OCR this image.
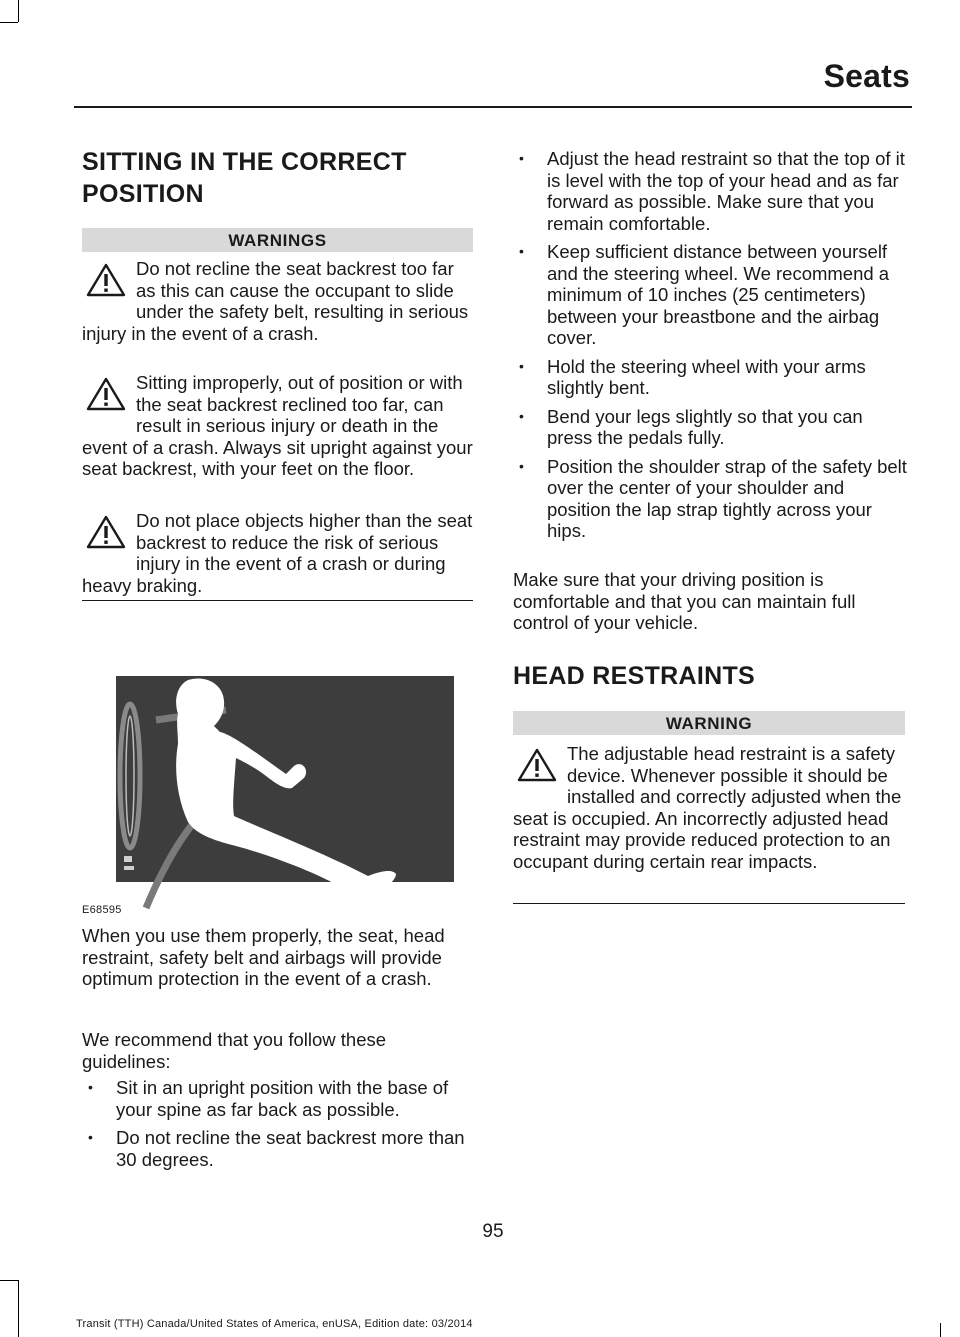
Seats
SITTING IN THE CORRECT
POSITION
WARNINGS

Do not recline the seat backrest too far as this can cause the occupant to slide under the safety belt, resulting in serious injury in the event of a crash.

Sitting improperly, out of position or with the seat backrest reclined too far, can result in serious injury or death in the event of a crash. Always sit upright against your seat backrest, with your feet on the floor.

Do not place objects higher than the seat backrest to reduce the risk of serious injury in the event of a crash or during heavy braking.

When you use them properly, the seat, head restraint, safety belt and airbags will provide optimum protection in the event of a crash.

We recommend that you follow these guidelines:

• Sit in an upright position with the base of your spine as far back as possible.
• Do not recline the seat backrest more than 30 degrees.
E68595
• Adjust the head restraint so that the top of it is level with the top of your head and as far forward as possible. Make sure that you remain comfortable.
• Keep sufficient distance between yourself and the steering wheel. We recommend a minimum of 10 inches (25 centimeters) between your breastbone and the airbag cover.
• Hold the steering wheel with your arms slightly bent.
• Bend your legs slightly so that you can press the pedals fully.
• Position the shoulder strap of the safety belt over the center of your shoulder and position the lap strap tightly across your hips.

Make sure that your driving position is comfortable and that you can maintain full control of your vehicle.

HEAD RESTRAINTS
WARNING

The adjustable head restraint is a safety device. Whenever possible it should be installed and correctly adjusted when the seat is occupied. An incorrectly adjusted head restraint may provide reduced protection to an occupant during certain rear impacts.

95
Transit (TTH) Canada/United States of America, enUSA, Edition date: 03/2014
